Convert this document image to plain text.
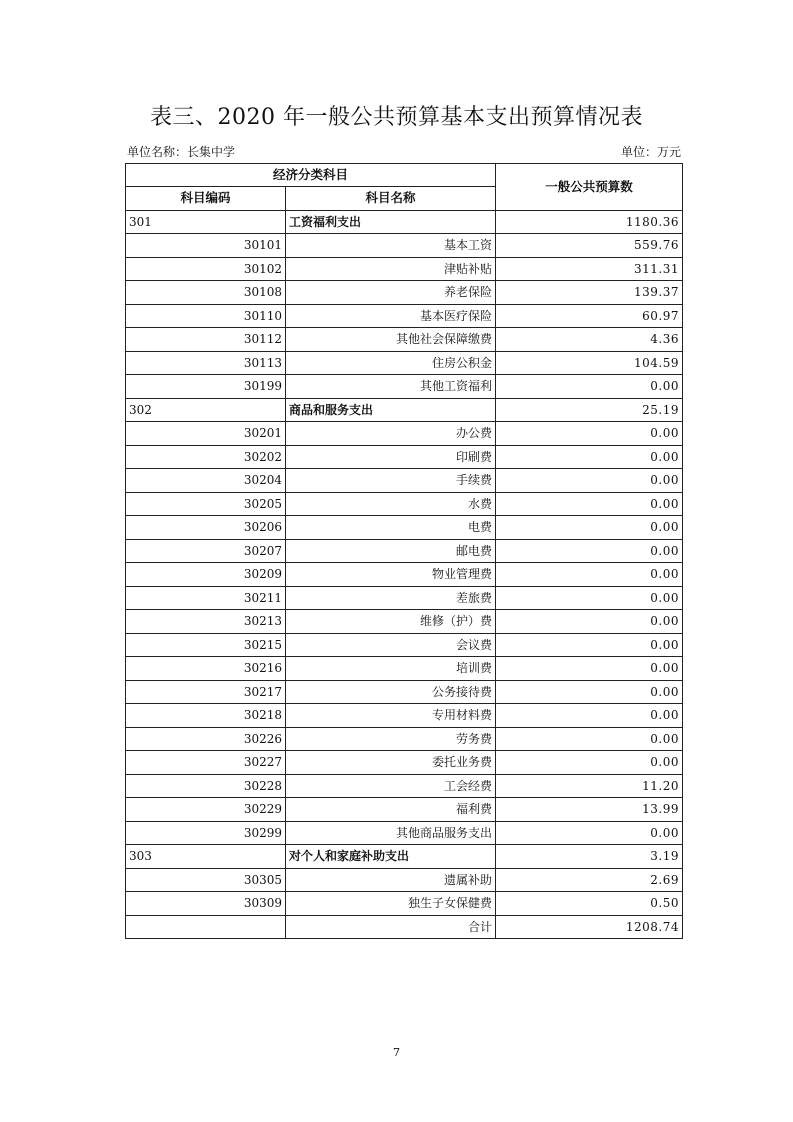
表三、2020 年一般公共预算基本支出预算情况表
单位名称：长集中学	单位：万元
经济分类科目		一般公共预算数
科目编码	科目名称	
301	工资福利支出	1180.36
30101	基本工资	559.76
30102	津贴补贴	311.31
30108	养老保险	139.37
30110	基本医疗保险	60.97
30112	其他社会保障缴费	4.36
30113	住房公积金	104.59
30199	其他工资福利	0.00
302	商品和服务支出	25.19
30201	办公费	0.00
30202	印刷费	0.00
30204	手续费	0.00
30205	水费	0.00
30206	电费	0.00
30207	邮电费	0.00
30209	物业管理费	0.00
30211	差旅费	0.00
30213	维修（护）费	0.00
30215	会议费	0.00
30216	培训费	0.00
30217	公务接待费	0.00
30218	专用材料费	0.00
30226	劳务费	0.00
30227	委托业务费	0.00
30228	工会经费	11.20
30229	福利费	13.99
30299	其他商品服务支出	0.00
303	对个人和家庭补助支出	3.19
30305	遗属补助	2.69
30309	独生子女保健费	0.50
	合计	1208.74
7
